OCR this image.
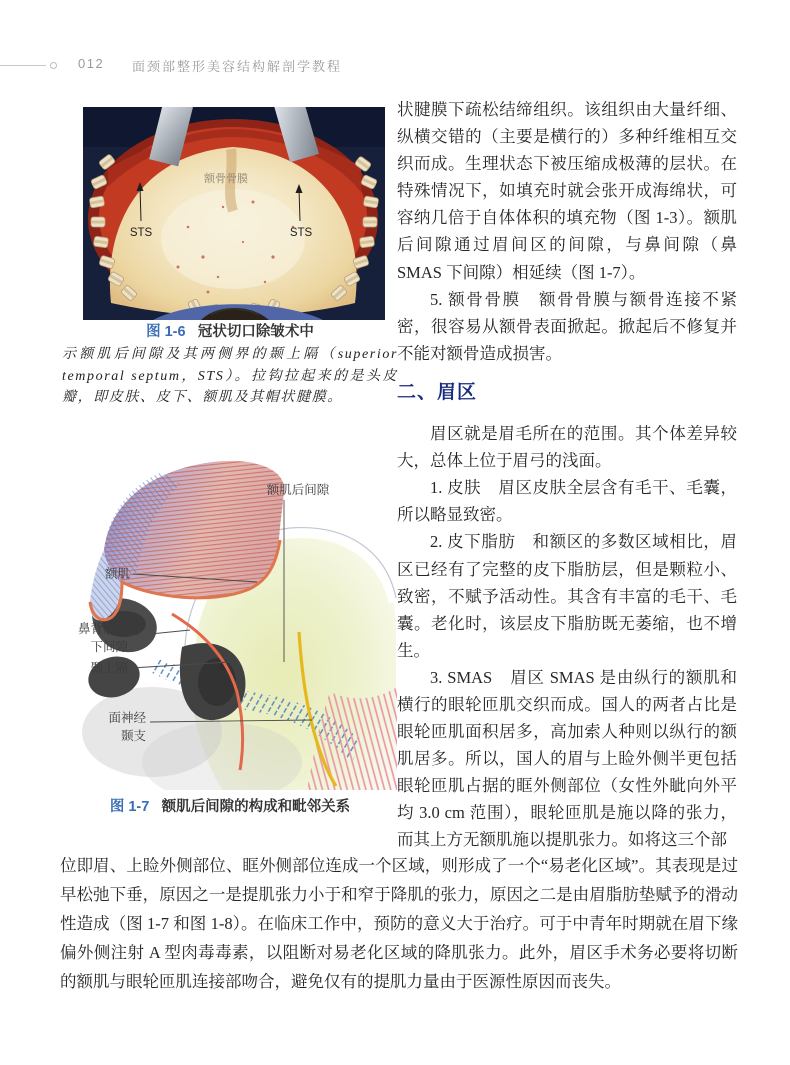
012 面颈部整形美容结构解剖学教程
额骨骨膜
STS	STS
图 1-6 冠状切口除皱术中
示额肌后间隙及其两侧界的颞上隔（superior temporal septum，STS）。拉钩拉起来的是头皮瓣，即皮肤、皮下、额肌及其帽状腱膜。
额肌后间隙
额肌
鼻背筋膜
下间隙
颞上隔
面神经
颞支
图 1-7 额肌后间隙的构成和毗邻关系

状腱膜下疏松结缔组织。该组织由大量纤细、纵横交错的（主要是横行的）多种纤维相互交织而成。生理状态下被压缩成极薄的层状。在特殊情况下，如填充时就会张开成海绵状，可容纳几倍于自体体积的填充物（图 1-3）。额肌后间隙通过眉间区的间隙，与鼻间隙（鼻 SMAS 下间隙）相延续（图 1-7）。

5. 额骨骨膜　额骨骨膜与额骨连接不紧密，很容易从额骨表面掀起。掀起后不修复并不能对额骨造成损害。

二、眉区

眉区就是眉毛所在的范围。其个体差异较大，总体上位于眉弓的浅面。

1. 皮肤　眉区皮肤全层含有毛干、毛囊，所以略显致密。

2. 皮下脂肪　和额区的多数区域相比，眉区已经有了完整的皮下脂肪层，但是颗粒小、致密，不赋予活动性。其含有丰富的毛干、毛囊。老化时，该层皮下脂肪既无萎缩，也不增生。

3. SMAS　眉区 SMAS 是由纵行的额肌和横行的眼轮匝肌交织而成。国人的两者占比是眼轮匝肌面积居多，高加索人种则以纵行的额肌居多。所以，国人的眉与上睑外侧半更包括眼轮匝肌占据的眶外侧部位（女性外眦向外平均 3.0 cm 范围），眼轮匝肌是施以降的张力，而其上方无额肌施以提肌张力。如将这三个部

位即眉、上睑外侧部位、眶外侧部位连成一个区域，则形成了一个“易老化区域”。其表现是过早松弛下垂，原因之一是提肌张力小于和窄于降肌的张力，原因之二是由眉脂肪垫赋予的滑动性造成（图 1-7 和图 1-8）。在临床工作中，预防的意义大于治疗。可于中青年时期就在眉下缘偏外侧注射 A 型肉毒毒素，以阻断对易老化区域的降肌张力。此外，眉区手术务必要将切断的额肌与眼轮匝肌连接部吻合，避免仅有的提肌力量由于医源性原因而丧失。
